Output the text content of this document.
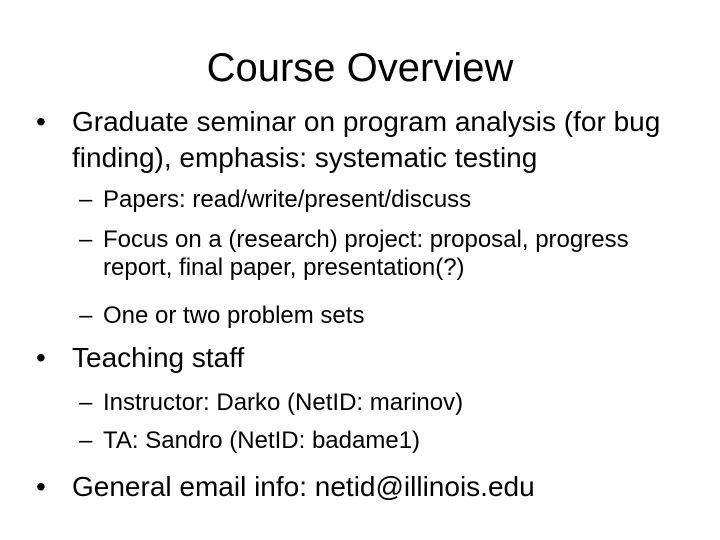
Course Overview
• Graduate seminar on program analysis (for bug finding), emphasis: systematic testing
– Papers: read/write/present/discuss
– Focus on a (research) project: proposal, progress report, final paper, presentation(?)
– One or two problem sets
• Teaching staff
– Instructor: Darko (NetID: marinov)
– TA: Sandro (NetID: badame1)
• General email info: netid@illinois.edu
